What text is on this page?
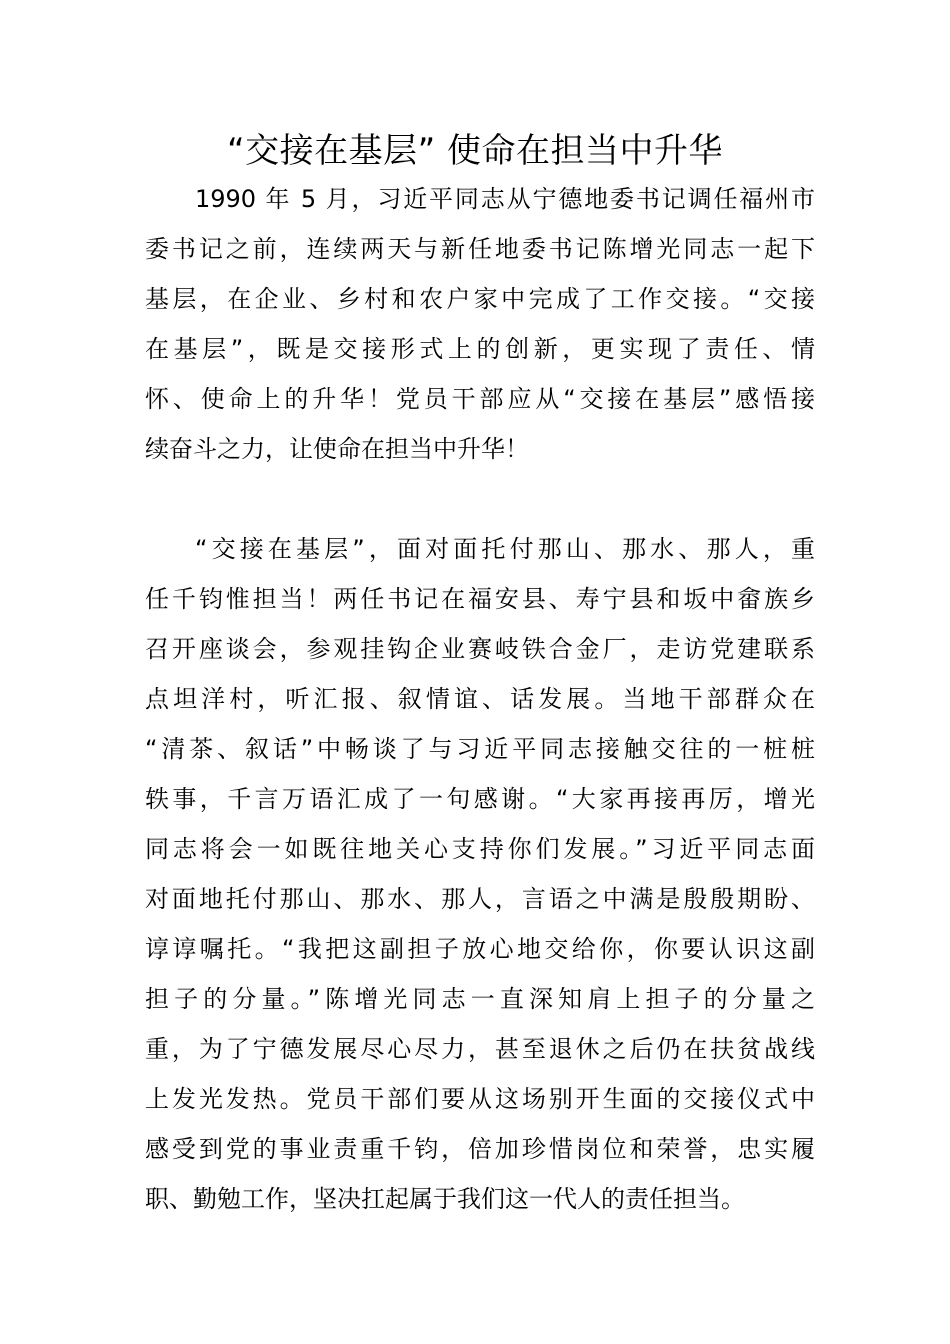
“交接在基层” 使命在担当中升华
1990 年 5 月，习近平同志从宁德地委书记调任福州市
委书记之前，连续两天与新任地委书记陈增光同志一起下
基层，在企业、乡村和农户家中完成了工作交接。“交接
在基层”，既是交接形式上的创新，更实现了责任、情
怀、使命上的升华！党员干部应从“交接在基层”感悟接
续奋斗之力，让使命在担当中升华！
“交接在基层”，面对面托付那山、那水、那人，重
任千钧惟担当！两任书记在福安县、寿宁县和坂中畲族乡
召开座谈会，参观挂钩企业赛岐铁合金厂，走访党建联系
点坦洋村，听汇报、叙情谊、话发展。当地干部群众在
“清茶、叙话”中畅谈了与习近平同志接触交往的一桩桩
轶事，千言万语汇成了一句感谢。“大家再接再厉，增光
同志将会一如既往地关心支持你们发展。”习近平同志面
对面地托付那山、那水、那人，言语之中满是殷殷期盼、
谆谆嘱托。“我把这副担子放心地交给你，你要认识这副
担子的分量。”陈增光同志一直深知肩上担子的分量之
重，为了宁德发展尽心尽力，甚至退休之后仍在扶贫战线
上发光发热。党员干部们要从这场别开生面的交接仪式中
感受到党的事业责重千钧，倍加珍惜岗位和荣誉，忠实履
职、勤勉工作，坚决扛起属于我们这一代人的责任担当。
